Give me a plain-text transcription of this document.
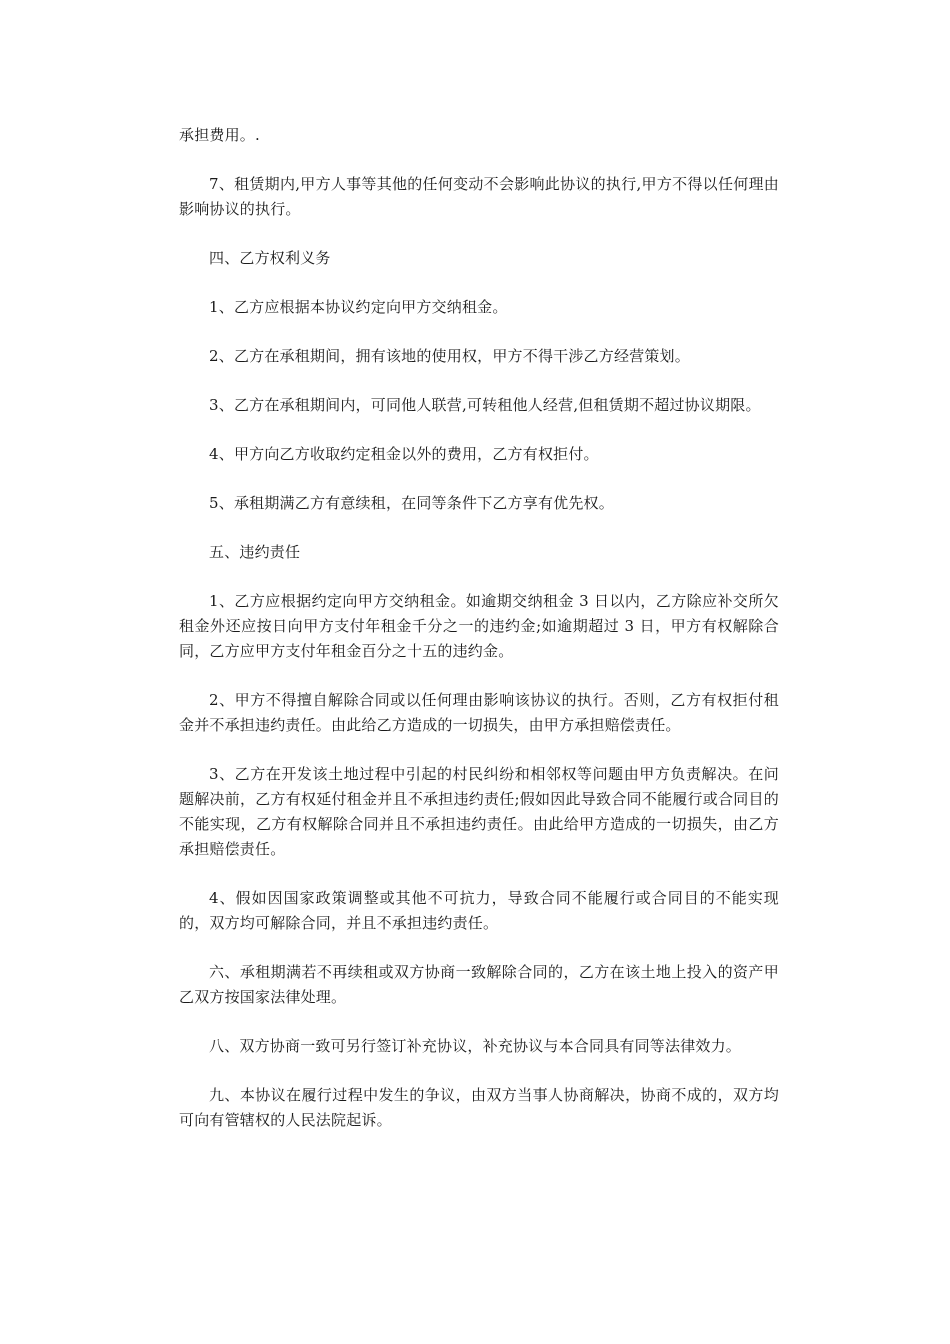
承担费用。.

7、租赁期内,甲方人事等其他的任何变动不会影响此协议的执行,甲方不得以任何理由影响协议的执行。

四、乙方权利义务

1、乙方应根据本协议约定向甲方交纳租金。

2、乙方在承租期间，拥有该地的使用权，甲方不得干涉乙方经营策划。

3、乙方在承租期间内，可同他人联营,可转租他人经营,但租赁期不超过协议期限。

4、甲方向乙方收取约定租金以外的费用，乙方有权拒付。

5、承租期满乙方有意续租，在同等条件下乙方享有优先权。

五、违约责任

1、乙方应根据约定向甲方交纳租金。如逾期交纳租金 3 日以内，乙方除应补交所欠租金外还应按日向甲方支付年租金千分之一的违约金;如逾期超过 3 日，甲方有权解除合同，乙方应甲方支付年租金百分之十五的违约金。

2、甲方不得擅自解除合同或以任何理由影响该协议的执行。否则，乙方有权拒付租金并不承担违约责任。由此给乙方造成的一切损失，由甲方承担赔偿责任。

3、乙方在开发该土地过程中引起的村民纠纷和相邻权等问题由甲方负责解决。在问题解决前，乙方有权延付租金并且不承担违约责任;假如因此导致合同不能履行或合同目的不能实现，乙方有权解除合同并且不承担违约责任。由此给甲方造成的一切损失，由乙方承担赔偿责任。

4、假如因国家政策调整或其他不可抗力，导致合同不能履行或合同目的不能实现的，双方均可解除合同，并且不承担违约责任。

六、承租期满若不再续租或双方协商一致解除合同的，乙方在该土地上投入的资产甲乙双方按国家法律处理。

八、双方协商一致可另行签订补充协议，补充协议与本合同具有同等法律效力。

九、本协议在履行过程中发生的争议，由双方当事人协商解决，协商不成的，双方均可向有管辖权的人民法院起诉。
